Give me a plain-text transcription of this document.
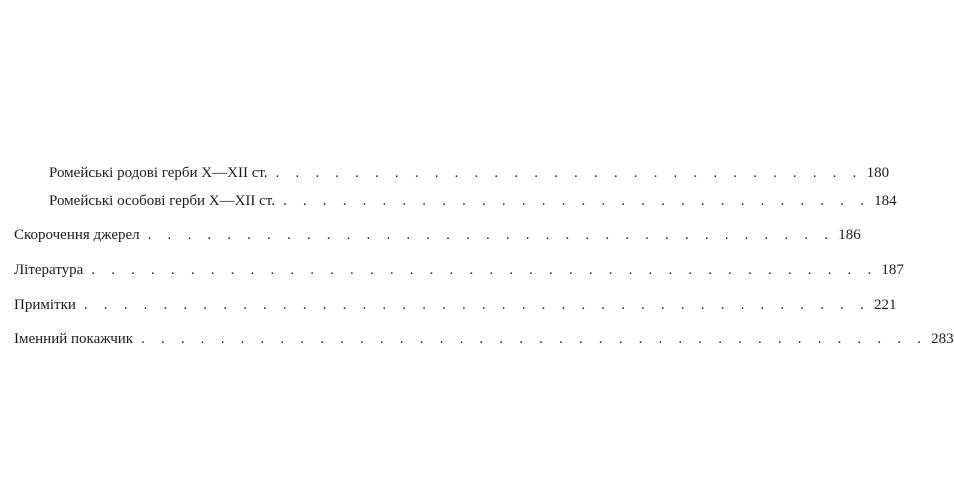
Ромейські родові герби X—XII ст. . . . . . . . . . . . . . . . . . . . . . . . . . . . . . . 180
Ромейські особові герби X—XII ст. . . . . . . . . . . . . . . . . . . . . . . . . . . . . . . 184
Скорочення джерел . . . . . . . . . . . . . . . . . . . . . . . . . . . . . . . . . . . 186
Література . . . . . . . . . . . . . . . . . . . . . . . . . . . . . . . . . . . . . . . . 187
Примітки . . . . . . . . . . . . . . . . . . . . . . . . . . . . . . . . . . . . . . . . 221
Іменний покажчик . . . . . . . . . . . . . . . . . . . . . . . . . . . . . . . . . . . . . . . . 283
